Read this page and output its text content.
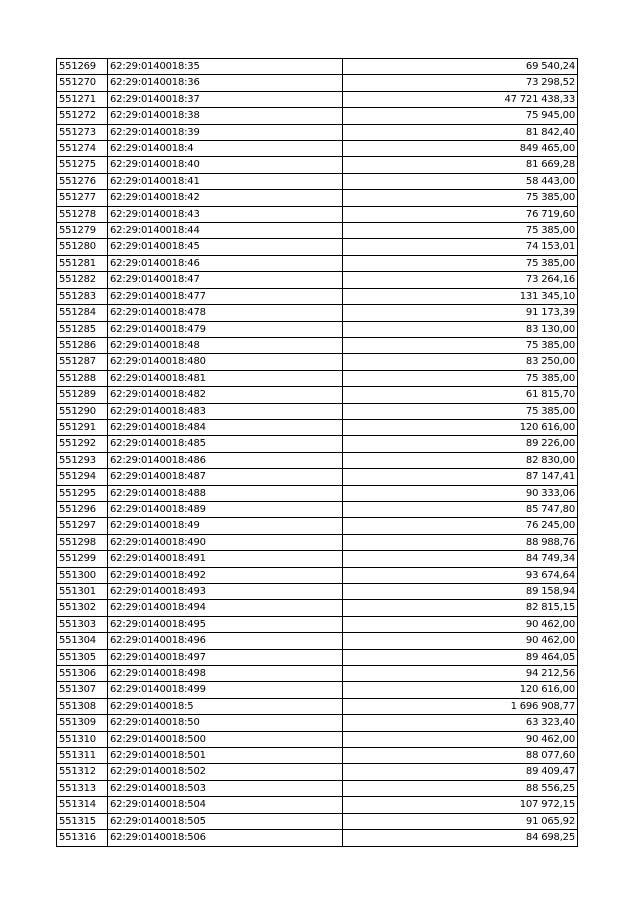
551269	62:29:0140018:35	69 540,24
551270	62:29:0140018:36	73 298,52
551271	62:29:0140018:37	47 721 438,33
551272	62:29:0140018:38	75 945,00
551273	62:29:0140018:39	81 842,40
551274	62:29:0140018:4	849 465,00
551275	62:29:0140018:40	81 669,28
551276	62:29:0140018:41	58 443,00
551277	62:29:0140018:42	75 385,00
551278	62:29:0140018:43	76 719,60
551279	62:29:0140018:44	75 385,00
551280	62:29:0140018:45	74 153,01
551281	62:29:0140018:46	75 385,00
551282	62:29:0140018:47	73 264,16
551283	62:29:0140018:477	131 345,10
551284	62:29:0140018:478	91 173,39
551285	62:29:0140018:479	83 130,00
551286	62:29:0140018:48	75 385,00
551287	62:29:0140018:480	83 250,00
551288	62:29:0140018:481	75 385,00
551289	62:29:0140018:482	61 815,70
551290	62:29:0140018:483	75 385,00
551291	62:29:0140018:484	120 616,00
551292	62:29:0140018:485	89 226,00
551293	62:29:0140018:486	82 830,00
551294	62:29:0140018:487	87 147,41
551295	62:29:0140018:488	90 333,06
551296	62:29:0140018:489	85 747,80
551297	62:29:0140018:49	76 245,00
551298	62:29:0140018:490	88 988,76
551299	62:29:0140018:491	84 749,34
551300	62:29:0140018:492	93 674,64
551301	62:29:0140018:493	89 158,94
551302	62:29:0140018:494	82 815,15
551303	62:29:0140018:495	90 462,00
551304	62:29:0140018:496	90 462,00
551305	62:29:0140018:497	89 464,05
551306	62:29:0140018:498	94 212,56
551307	62:29:0140018:499	120 616,00
551308	62:29:0140018:5	1 696 908,77
551309	62:29:0140018:50	63 323,40
551310	62:29:0140018:500	90 462,00
551311	62:29:0140018:501	88 077,60
551312	62:29:0140018:502	89 409,47
551313	62:29:0140018:503	88 556,25
551314	62:29:0140018:504	107 972,15
551315	62:29:0140018:505	91 065,92
551316	62:29:0140018:506	84 698,25
